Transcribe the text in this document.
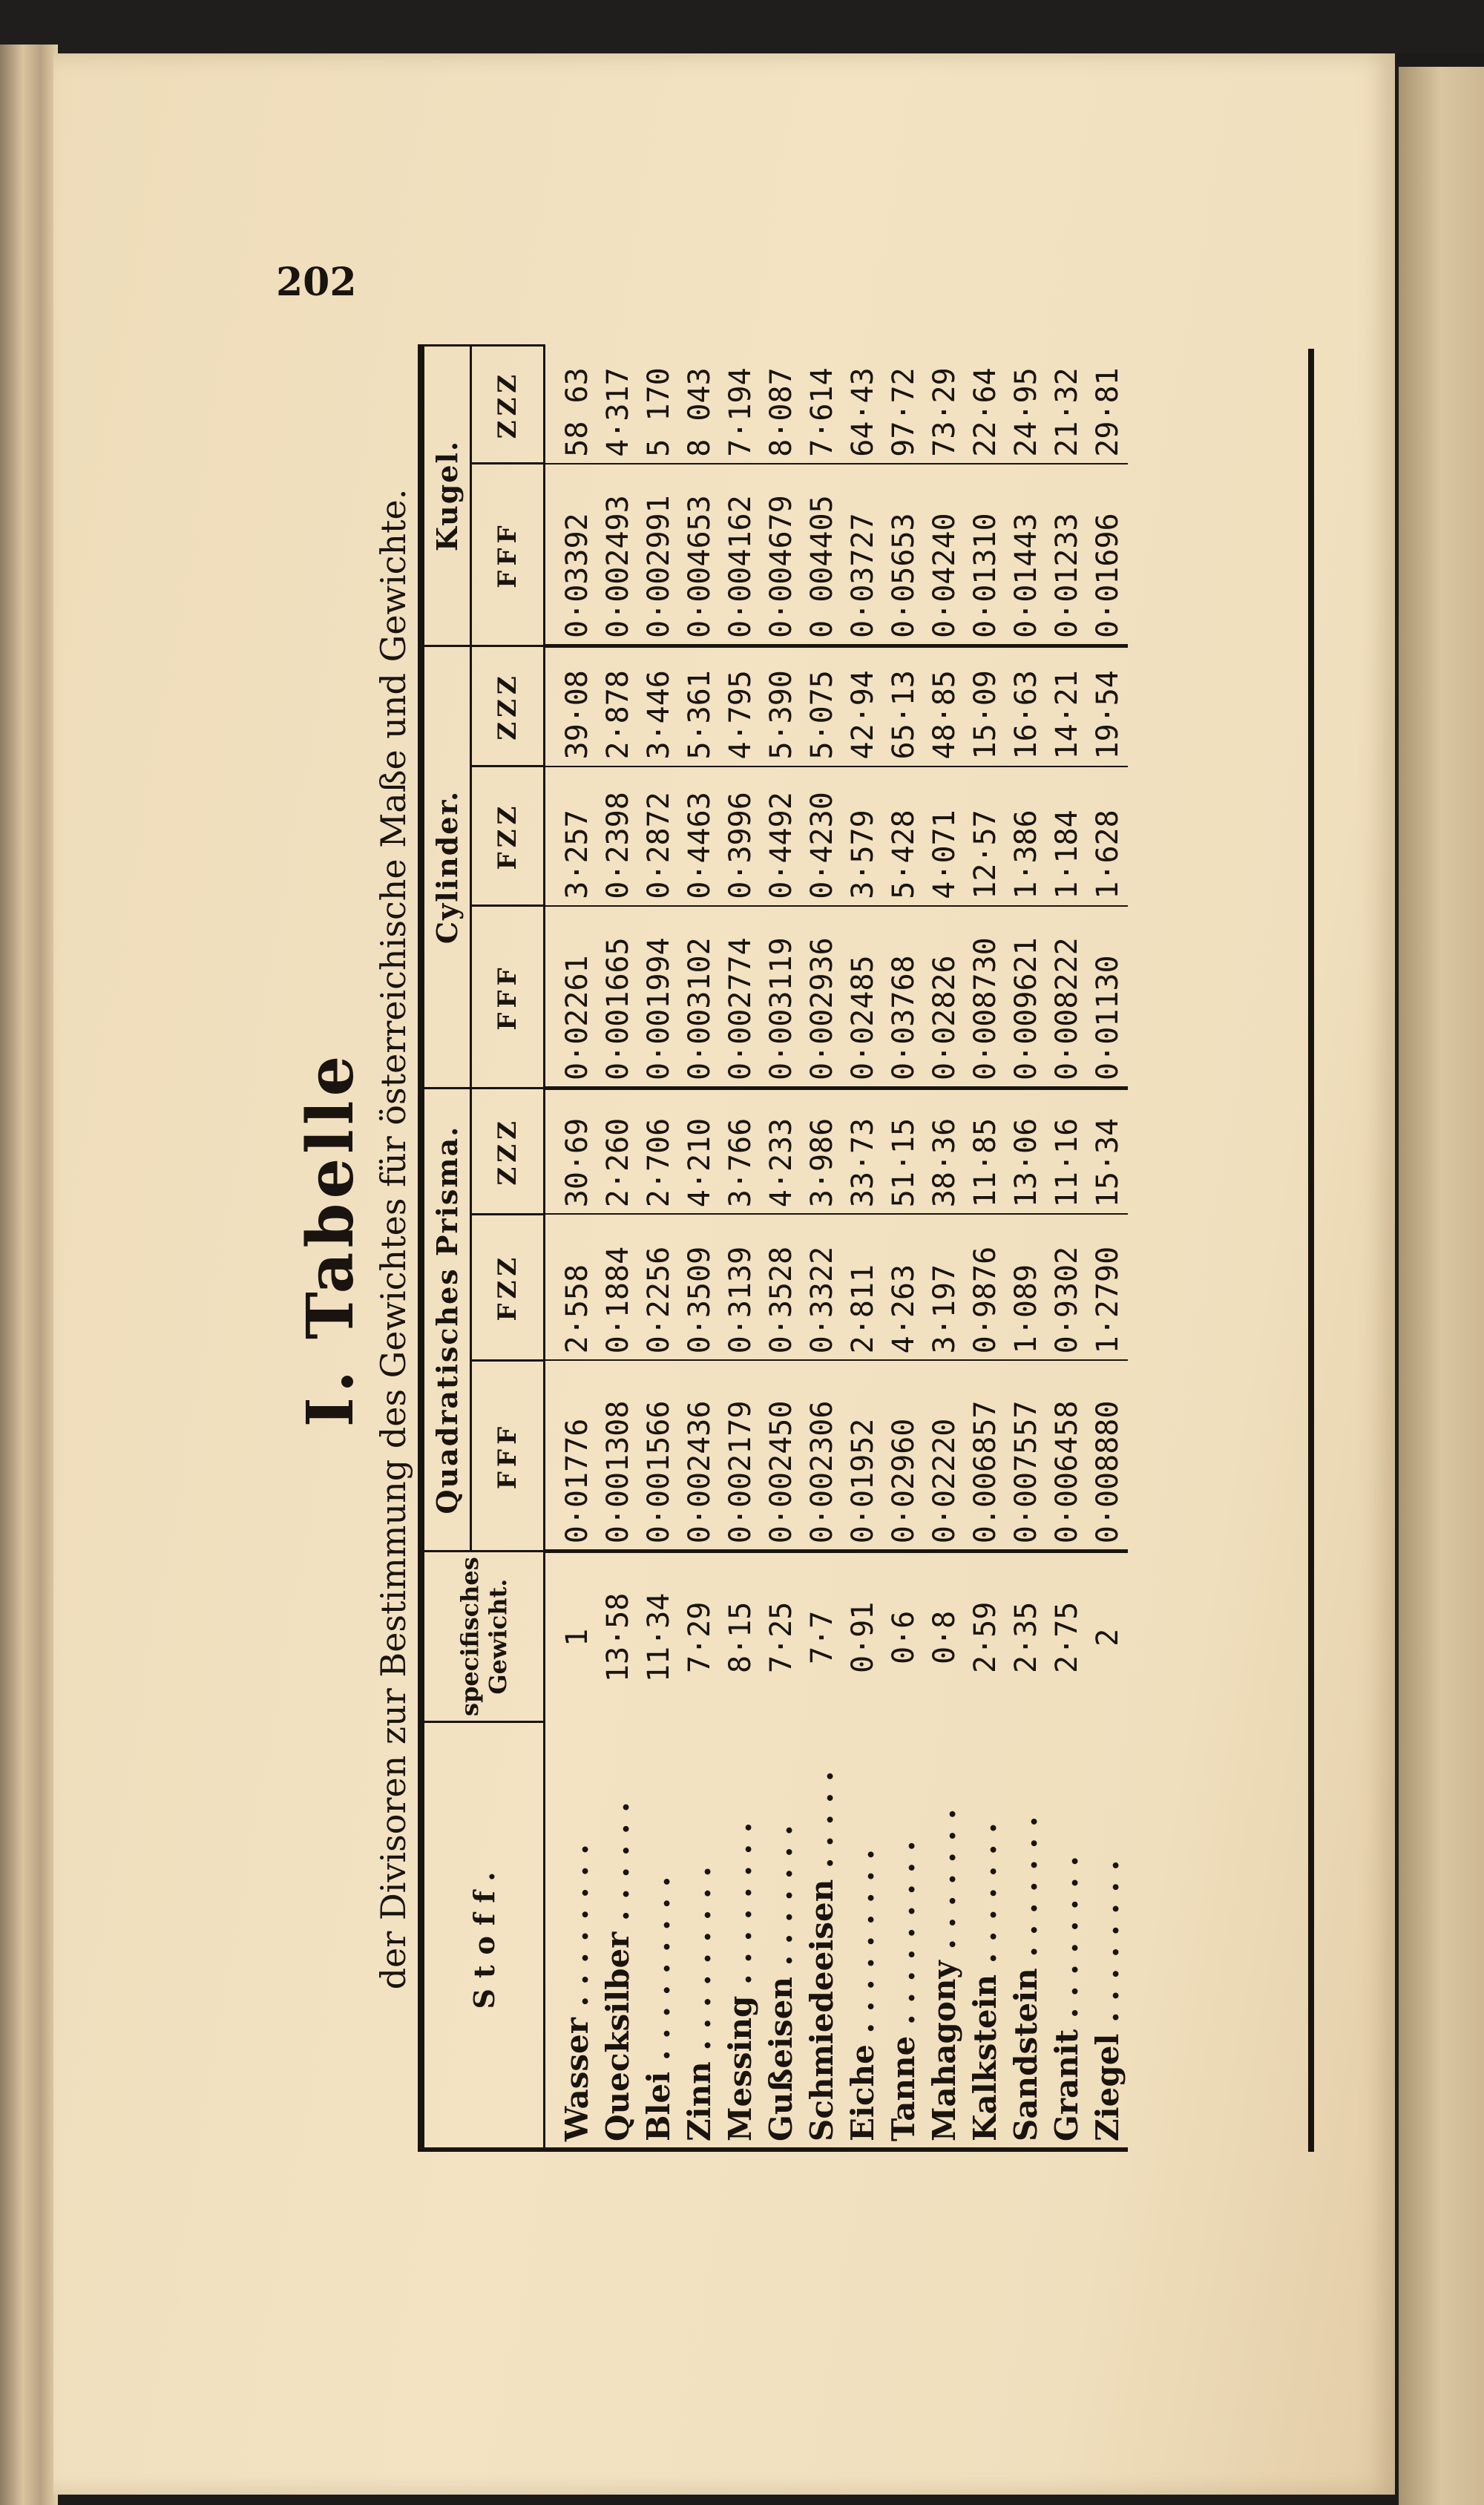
202
I. Tabelle der Divisoren zur Bestimmung des Gewichtes für österreichische Maße und Gewichte. Stoff.	specifisches Gewicht.	Quadratisches Prisma.			Cylinder.			Kugel.	
		FFF	FZZ	ZZZ	FFF	FZZ	ZZZ	FFF	ZZZ
Wasser . . . . . . . .	1	0·01776	2·558	30·69	0·02261	3·257	39·08	0·03392	58 63
Quecksilber . . . . . .	13·58	0·001308	0·1884	2·260	0·001665	0·2398	2·878	0·002493	4·317
Blei . . . . . . . . .	11·34	0·001566	0·2256	2·706	0·001994	0·2872	3·446	0·002991	5 170
Zinn . . . . . . . . .	7·29	0·002436	0·3509	4·210	0·003102	0·4463	5·361	0·004653	8 043
Messing . . . . . . . .	8·15	0·002179	0·3139	3·766	0·002774	0·3996	4·795	0·004162	7·194
Gußeisen . . . . . . .	7·25	0·002450	0·3528	4·233	0·003119	0·4492	5·390	0·004679	8·087
Schmiedeeisen . . . . .	7·7	0·002306	0·3322	3·986	0·002936	0·4230	5·075	0 004405	7·614
Eiche . . . . . . . . .	0·91	0·01952	2·811	33·73	0·02485	3·579	42·94	0·03727	64·43
Tanne . . . . . . . . .	0·6	0·02960	4·263	51·15	0·03768	5·428	65·13	0·05653	97·72
Mahagony . . . . . . .	0·8	0·02220	3·197	38·36	0·02826	4·071	48·85	0·04240	73·29
Kalkstein . . . . . . .	2·59	0.006857	0·9876	11·85	0·008730	12·57	15·09	0·01310	22·64
Sandstein . . . . . . .	2·35	0·007557	1·089	13·06	0·009621	1·386	16·63	0·01443	24·95
Granit . . . . . . . .	2·75	0·006458	0·9302	11·16	0·008222	1·184	14·21	0·01233	21·32
Ziegel . . . . . . . .	2	0·008880	1·2790	15·34	0·01130	1·628	19·54	0·01696	29·81
